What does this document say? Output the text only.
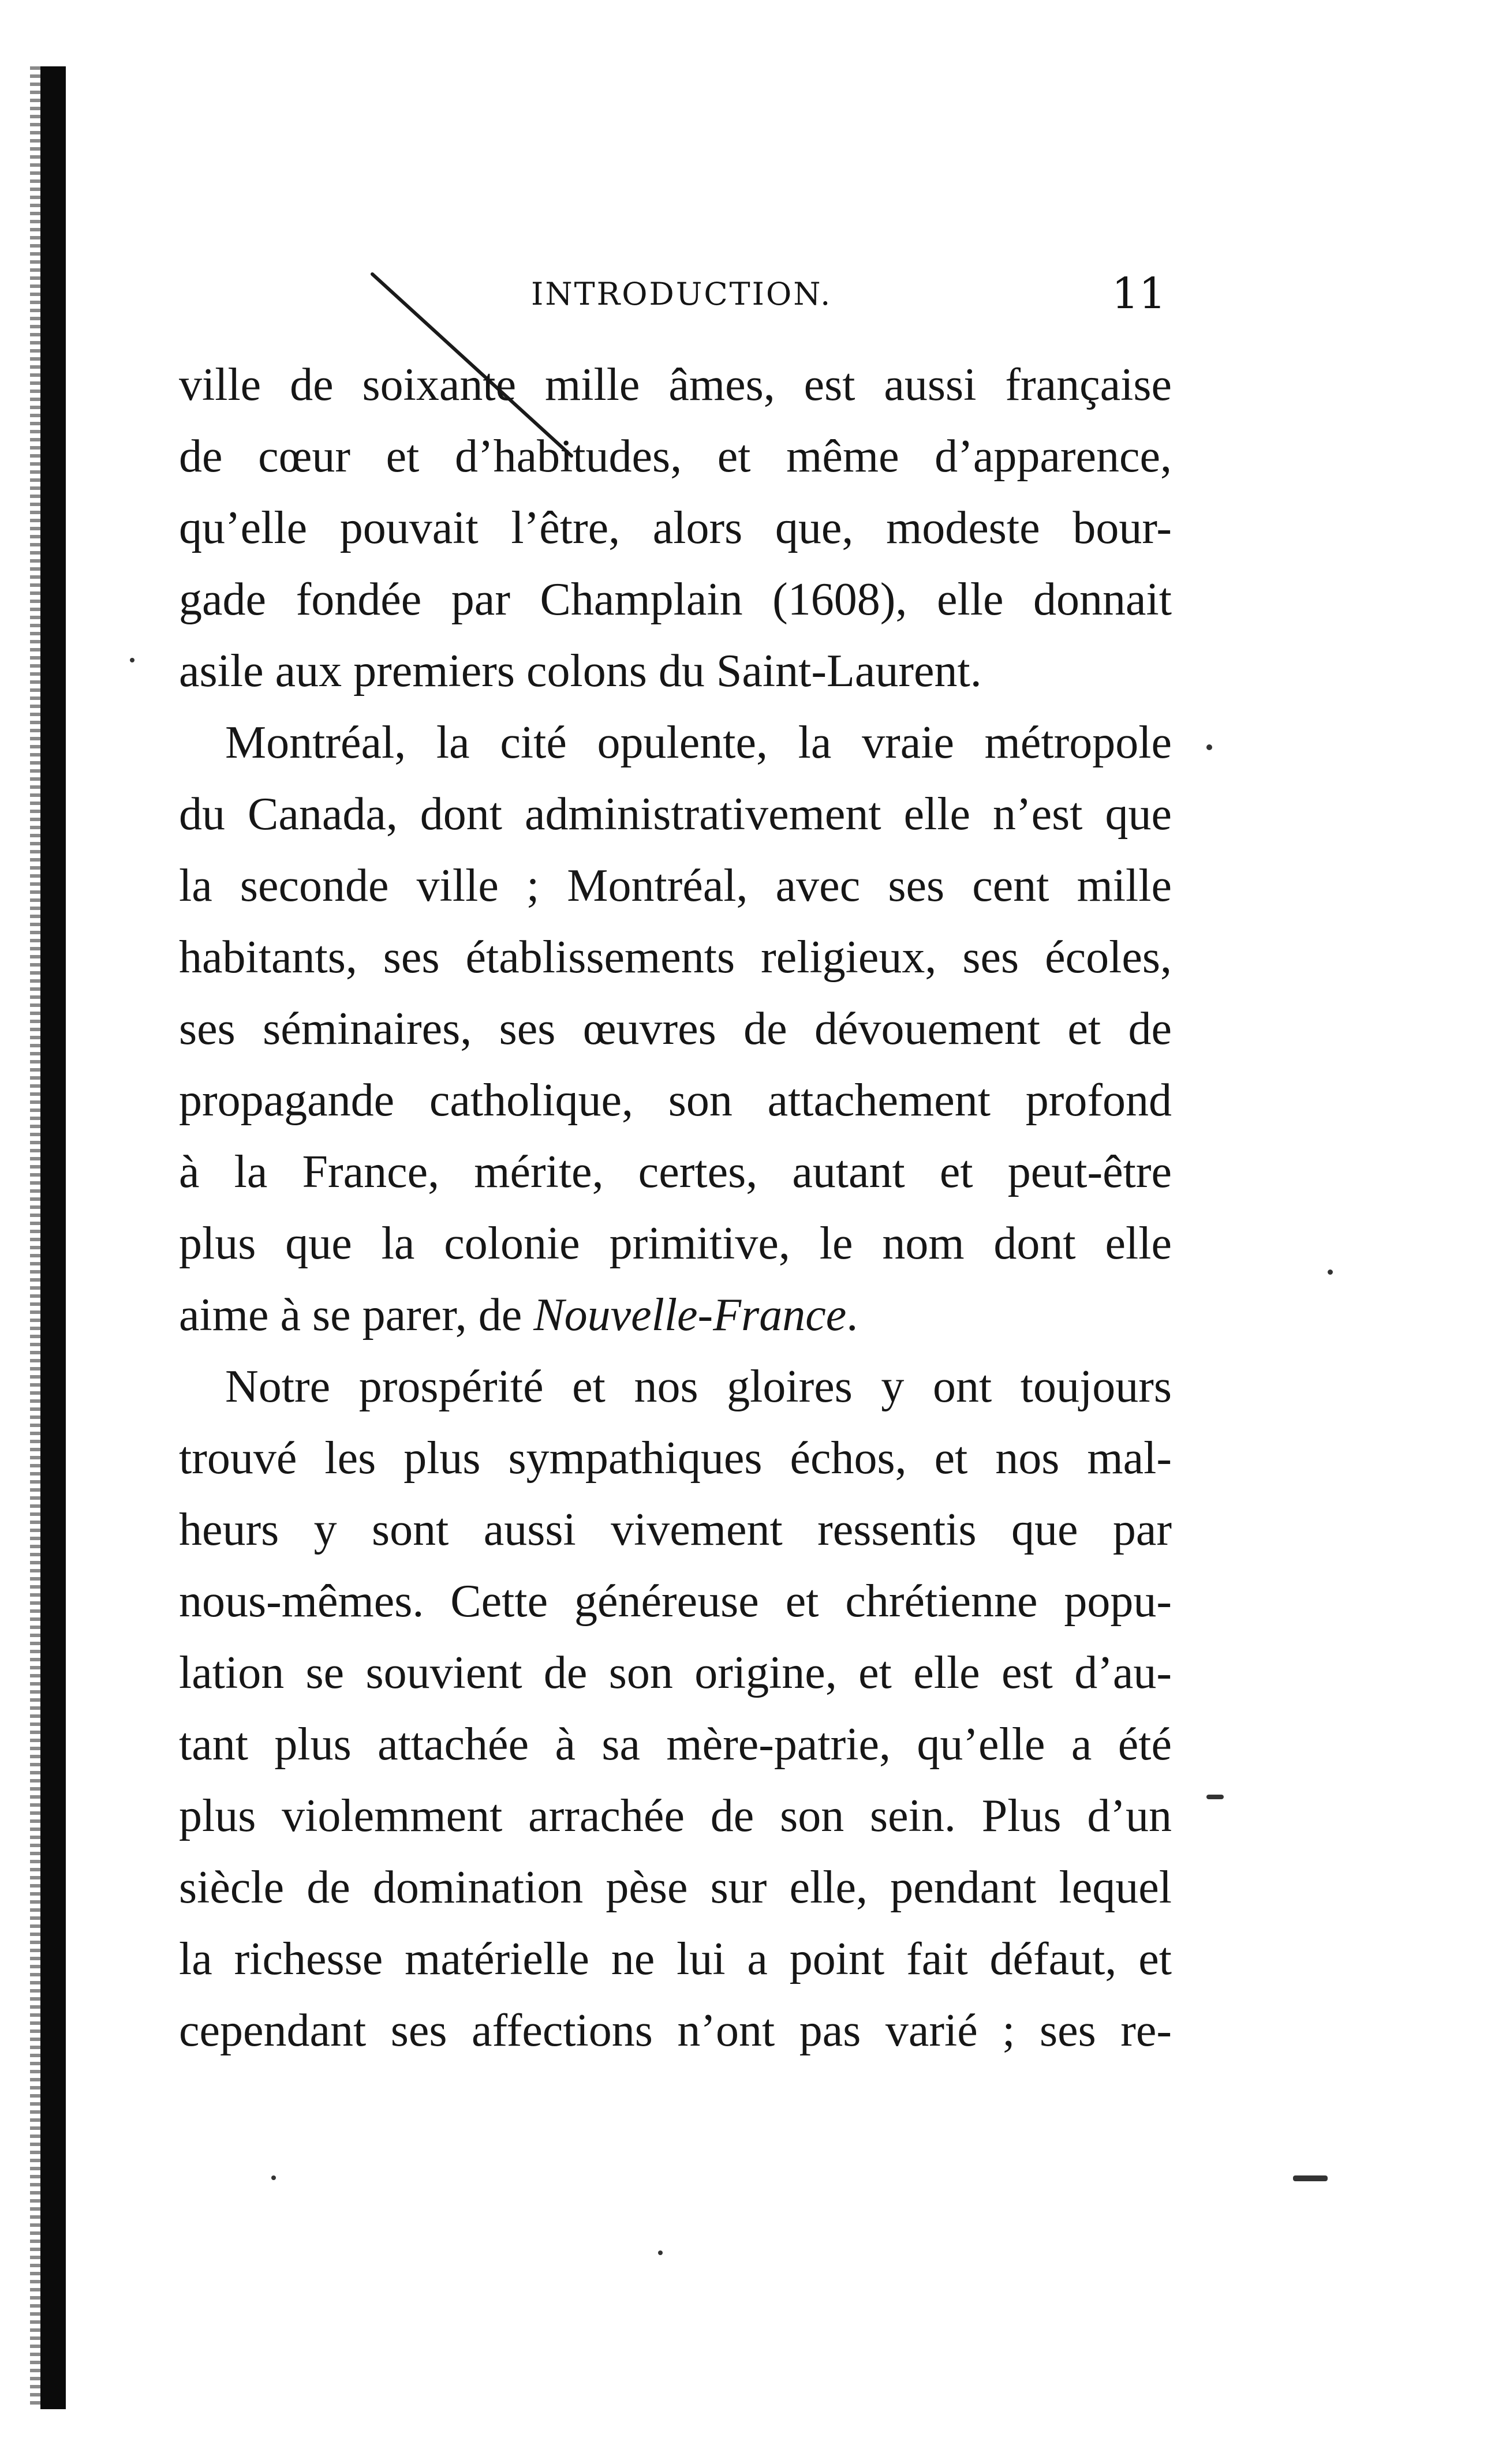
INTRODUCTION.	11
ville de soixante mille âmes, est aussi française
de cœur et d’habitudes, et même d’apparence,
qu’elle pouvait l’être, alors que, modeste bour-
gade fondée par Champlain (1608), elle donnait
asile aux premiers colons du Saint-Laurent.
Montréal, la cité opulente, la vraie métropole
du Canada, dont administrativement elle n’est que
la seconde ville ; Montréal, avec ses cent mille
habitants, ses établissements religieux, ses écoles,
ses séminaires, ses œuvres de dévouement et de
propagande catholique, son attachement profond
à la France, mérite, certes, autant et peut-être
plus que la colonie primitive, le nom dont elle
aime à se parer, de Nouvelle-France.
Notre prospérité et nos gloires y ont toujours
trouvé les plus sympathiques échos, et nos mal-
heurs y sont aussi vivement ressentis que par
nous-mêmes. Cette généreuse et chrétienne popu-
lation se souvient de son origine, et elle est d’au-
tant plus attachée à sa mère-patrie, qu’elle a été
plus violemment arrachée de son sein. Plus d’un
siècle de domination pèse sur elle, pendant lequel
la richesse matérielle ne lui a point fait défaut, et
cependant ses affections n’ont pas varié ; ses re-
